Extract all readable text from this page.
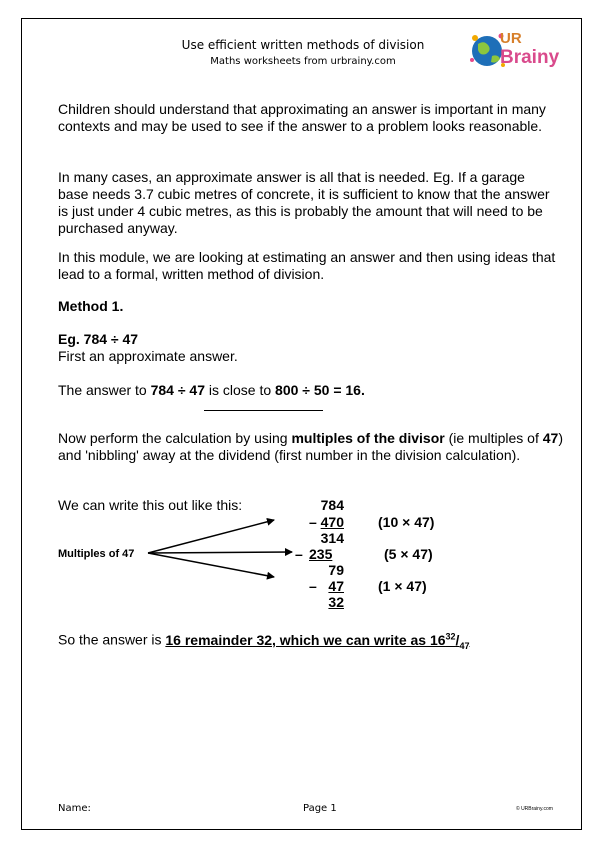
Use efficient written methods of division
Maths worksheets from urbrainy.com
UR
Brainy

Children should understand that approximating an answer is important in many contexts and may be used to see if the answer to a problem looks reasonable.

In many cases, an approximate answer is all that is needed. Eg. If a garage base needs 3.7 cubic metres of concrete, it is sufficient to know that the answer is just under 4 cubic metres, as this is probably the amount that will need to be purchased anyway.

In this module, we are looking at estimating an answer and then using ideas that lead to a formal, written method of division.

Method 1.
Eg. 784 ÷ 47
First an approximate answer.
The answer to 784 ÷ 47 is close to 800 ÷ 50 = 16.

Now perform the calculation by using multiples of the divisor (ie multiples of 47) and 'nibbling' away at the dividend (first number in the division calculation).

We can write this out like this:	784
– 470 (10 × 47)
314
– 235	(5 × 47)
79
– 47 (1 × 47)
32
Multiples of 47
So the answer is 16 remainder 32, which we can write as $16^{32}/_{47}$
Name:	Page 1	© URBrainy.com
